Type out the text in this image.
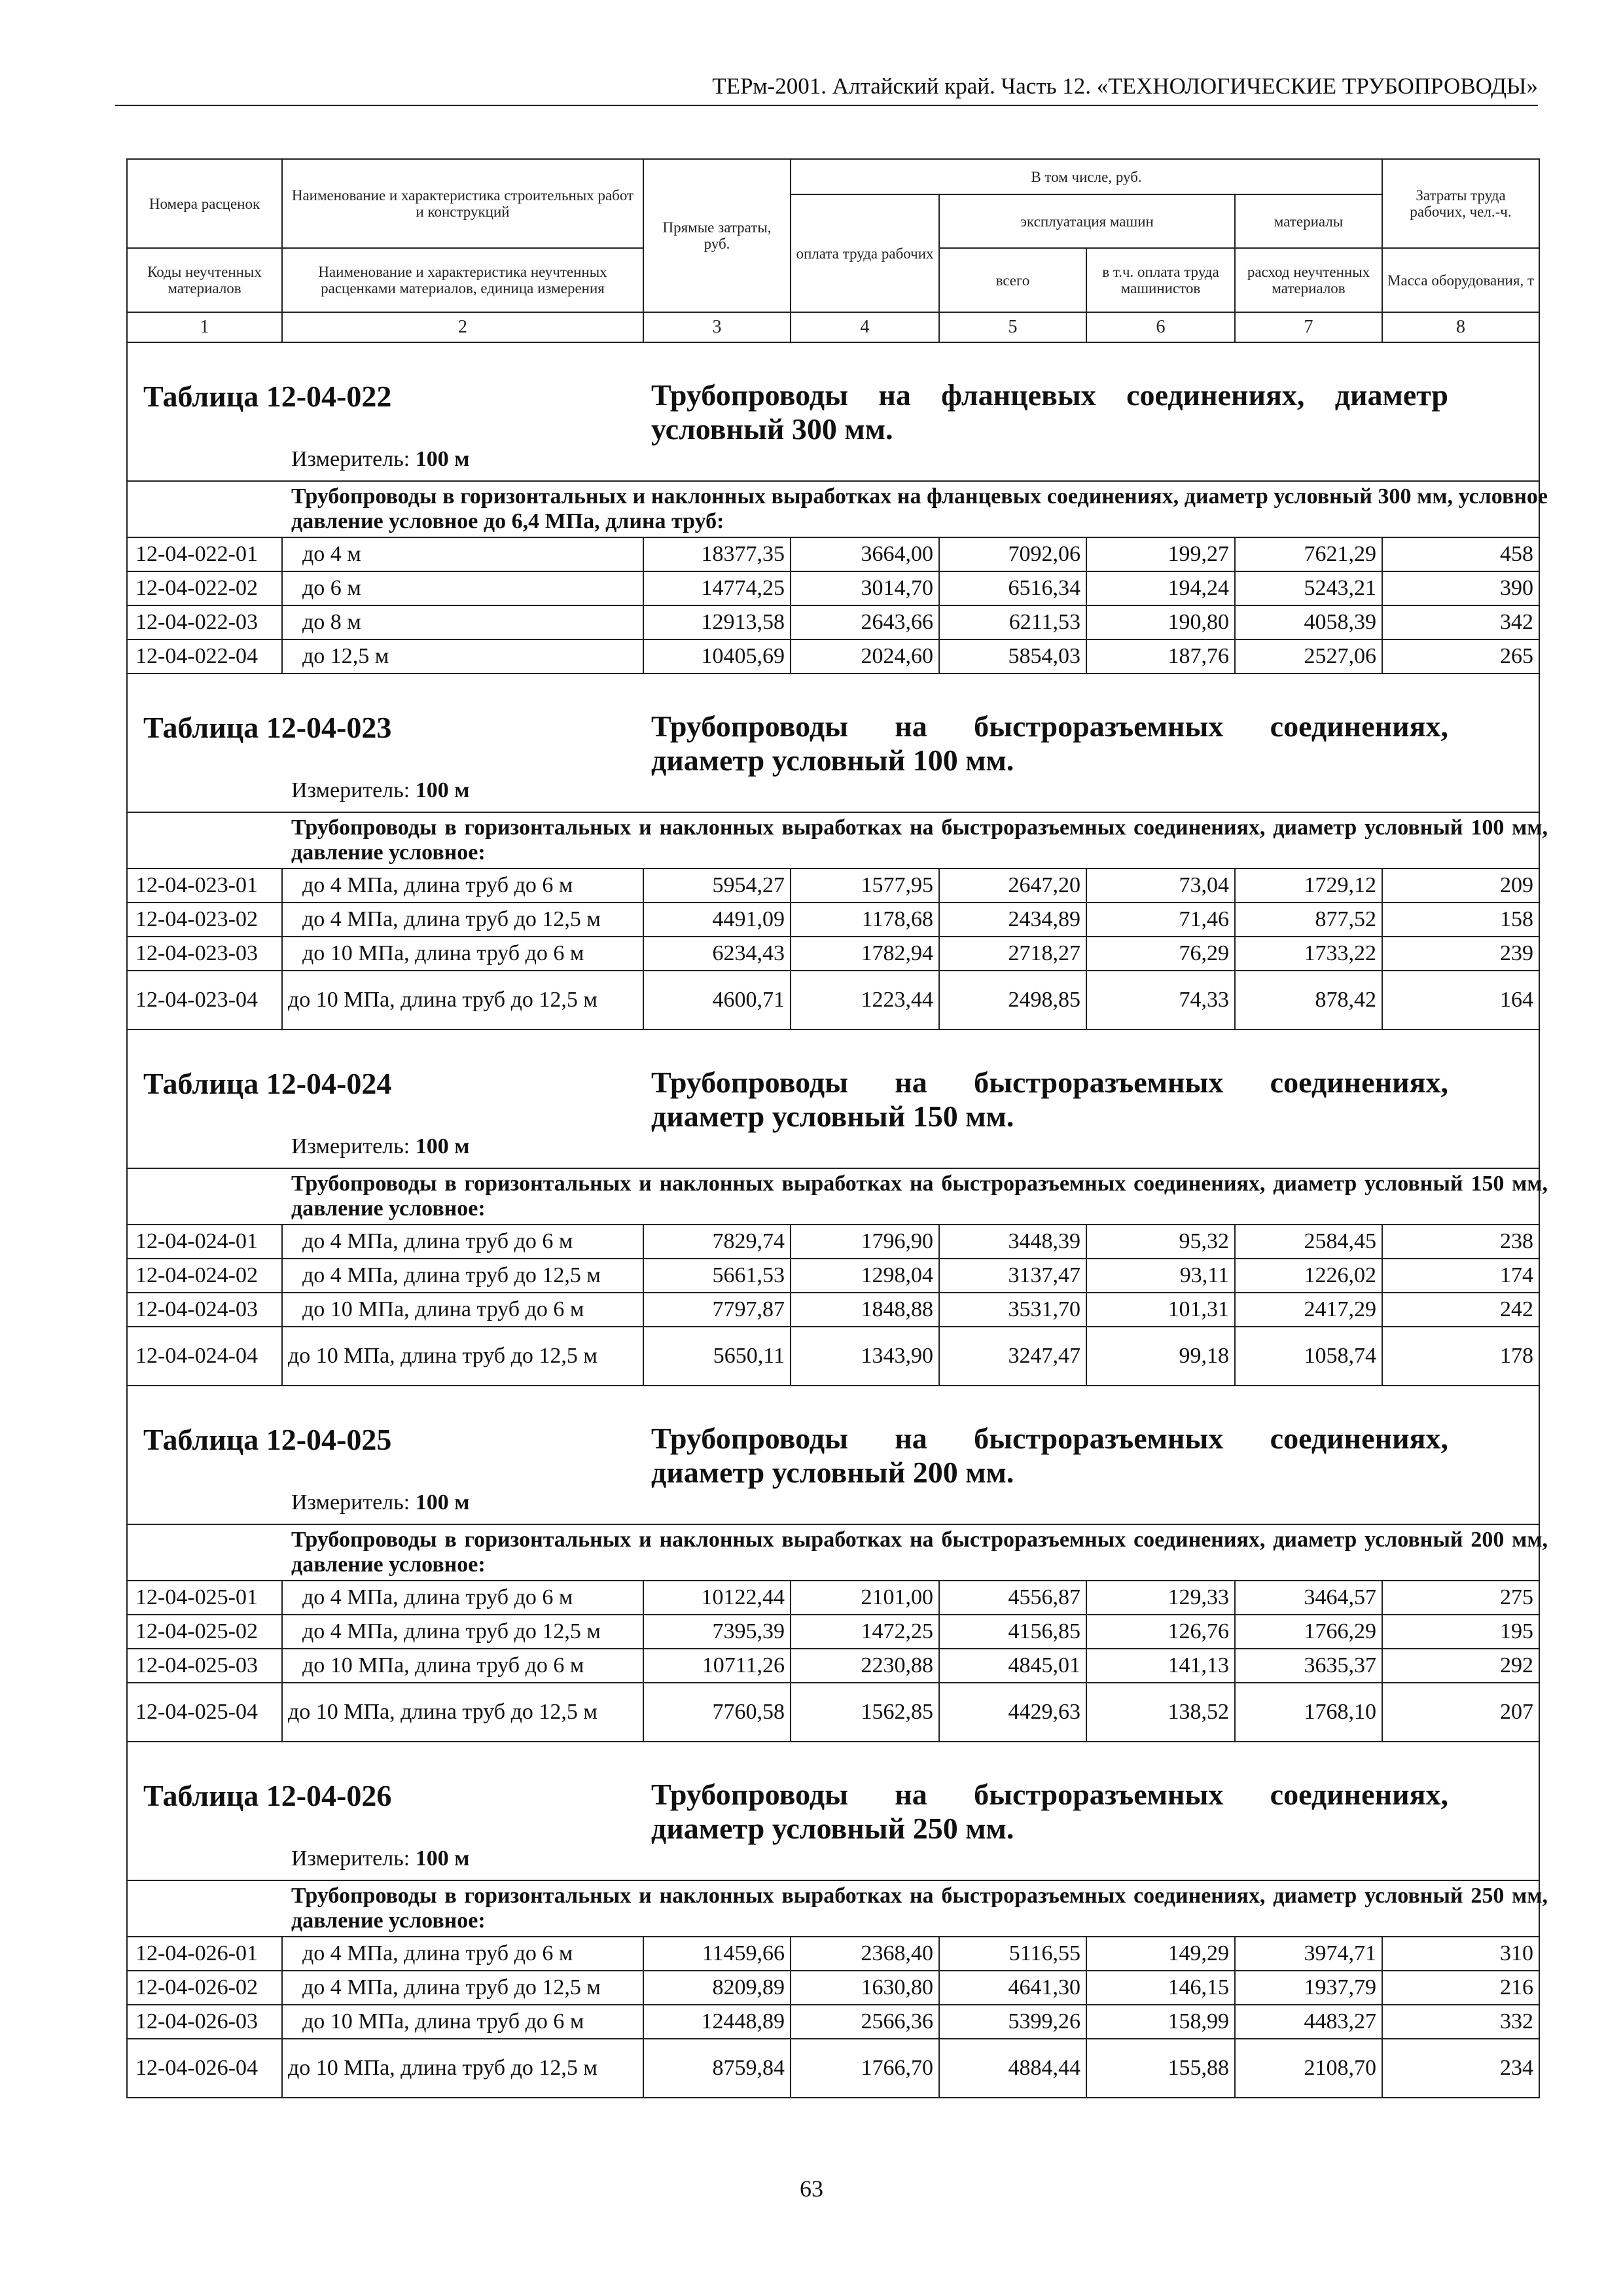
ТЕРм-2001. Алтайский край. Часть 12. «ТЕХНОЛОГИЧЕСКИЕ ТРУБОПРОВОДЫ»
Номера расценок	Наименование и характеристика строительных работ и конструкций	Прямые затраты, руб.	В том числе, руб.				Затраты труда рабочих, чел.-ч.
			оплата труда рабочих	эксплуатация машин		материалы	
Коды неучтенных материалов	Наименование и характеристика неучтенных расценками материалов, единица измерения			всего	в т.ч. оплата труда машинистов	расход неучтенных материалов	Масса оборудования, т
1	2	3	4	5	6	7	8

Таблица 12-04-022 Трубопроводы на фланцевых соединениях, диаметр условный 300 мм.							

Измеритель: 100 м							

Трубопроводы в горизонтальных и наклонных выработках на фланцевых соединениях, диаметр условный 300 мм, условное давление условное до 6,4 МПа, длина труб:							

12-04-022-01	до 4 м	18377,35	3664,00	7092,06	199,27	7621,29	458
12-04-022-02	до 6 м	14774,25	3014,70	6516,34	194,24	5243,21	390
12-04-022-03	до 8 м	12913,58	2643,66	6211,53	190,80	4058,39	342
12-04-022-04	до 12,5 м	10405,69	2024,60	5854,03	187,76	2527,06	265

Таблица 12-04-023 Трубопроводы на быстроразъемных соединениях, диаметр условный 100 мм.							

Измеритель: 100 м							

Трубопроводы в горизонтальных и наклонных выработках на быстроразъемных соединениях, диаметр условный 100 мм, давление условное:							

12-04-023-01	до 4 МПа, длина труб до 6 м	5954,27	1577,95	2647,20	73,04	1729,12	209
12-04-023-02	до 4 МПа, длина труб до 12,5 м	4491,09	1178,68	2434,89	71,46	877,52	158
12-04-023-03	до 10 МПа, длина труб до 6 м	6234,43	1782,94	2718,27	76,29	1733,22	239
12-04-023-04	до 10 МПа, длина труб до 12,5 м	4600,71	1223,44	2498,85	74,33	878,42	164

Таблица 12-04-024 Трубопроводы на быстроразъемных соединениях, диаметр условный 150 мм.							

Измеритель: 100 м							

Трубопроводы в горизонтальных и наклонных выработках на быстроразъемных соединениях, диаметр условный 150 мм, давление условное:							

12-04-024-01	до 4 МПа, длина труб до 6 м	7829,74	1796,90	3448,39	95,32	2584,45	238
12-04-024-02	до 4 МПа, длина труб до 12,5 м	5661,53	1298,04	3137,47	93,11	1226,02	174
12-04-024-03	до 10 МПа, длина труб до 6 м	7797,87	1848,88	3531,70	101,31	2417,29	242
12-04-024-04	до 10 МПа, длина труб до 12,5 м	5650,11	1343,90	3247,47	99,18	1058,74	178

Таблица 12-04-025 Трубопроводы на быстроразъемных соединениях, диаметр условный 200 мм.							

Измеритель: 100 м							

Трубопроводы в горизонтальных и наклонных выработках на быстроразъемных соединениях, диаметр условный 200 мм, давление условное:							

12-04-025-01	до 4 МПа, длина труб до 6 м	10122,44	2101,00	4556,87	129,33	3464,57	275
12-04-025-02	до 4 МПа, длина труб до 12,5 м	7395,39	1472,25	4156,85	126,76	1766,29	195
12-04-025-03	до 10 МПа, длина труб до 6 м	10711,26	2230,88	4845,01	141,13	3635,37	292
12-04-025-04	до 10 МПа, длина труб до 12,5 м	7760,58	1562,85	4429,63	138,52	1768,10	207

Таблица 12-04-026 Трубопроводы на быстроразъемных соединениях, диаметр условный 250 мм.							

Измеритель: 100 м							

Трубопроводы в горизонтальных и наклонных выработках на быстроразъемных соединениях, диаметр условный 250 мм, давление условное:							

12-04-026-01	до 4 МПа, длина труб до 6 м	11459,66	2368,40	5116,55	149,29	3974,71	310
12-04-026-02	до 4 МПа, длина труб до 12,5 м	8209,89	1630,80	4641,30	146,15	1937,79	216
12-04-026-03	до 10 МПа, длина труб до 6 м	12448,89	2566,36	5399,26	158,99	4483,27	332
12-04-026-04	до 10 МПа, длина труб до 12,5 м	8759,84	1766,70	4884,44	155,88	2108,70	234
63
